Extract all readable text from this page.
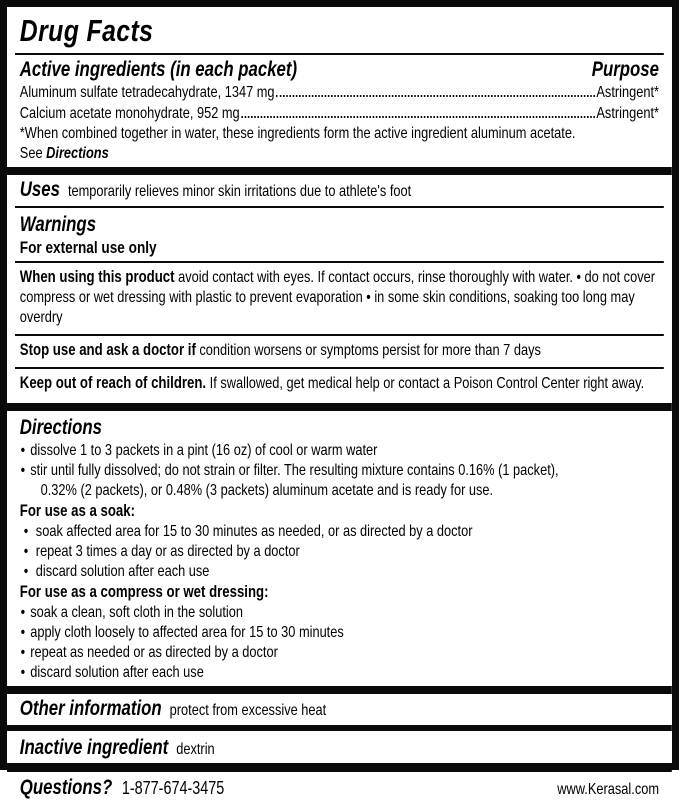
Drug Facts
Active ingredients (in each packet)	Purpose
Aluminum sulfate tetradecahydrate, 1347 mg	Astringent*
Calcium acetate monohydrate, 952 mg	Astringent*
*When combined together in water, these ingredients form the active ingredient aluminum acetate.
See Directions
Uses temporarily relieves minor skin irritations due to athlete's foot
Warnings
For external use only
When using this product avoid contact with eyes. If contact occurs, rinse thoroughly with water. • do not cover compress or wet dressing with plastic to prevent evaporation • in some skin conditions, soaking too long may overdry
Stop use and ask a doctor if condition worsens or symptoms persist for more than 7 days
Keep out of reach of children. If swallowed, get medical help or contact a Poison Control Center right away.
Directions
• dissolve 1 to 3 packets in a pint (16 oz) of cool or warm water
• stir until fully dissolved; do not strain or filter. The resulting mixture contains 0.16% (1 packet),
0.32% (2 packets), or 0.48% (3 packets) aluminum acetate and is ready for use.
For use as a soak:
• soak affected area for 15 to 30 minutes as needed, or as directed by a doctor
• repeat 3 times a day or as directed by a doctor
• discard solution after each use
For use as a compress or wet dressing:
• soak a clean, soft cloth in the solution
• apply cloth loosely to affected area for 15 to 30 minutes
• repeat as needed or as directed by a doctor
• discard solution after each use
Other information protect from excessive heat
Inactive ingredient dextrin
Questions? 1-877-674-3475	www.Kerasal.com
